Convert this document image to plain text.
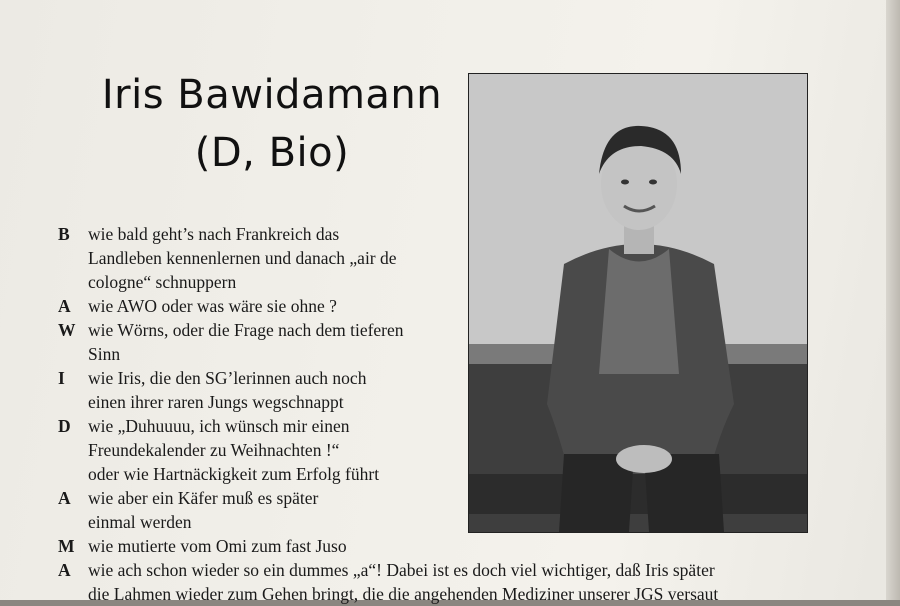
Iris Bawidamann
(D, Bio)
B	wie bald geht’s nach Frankreich das
Landleben kennenlernen und danach „air de
cologne“ schnuppern
A wie AWO oder was wäre sie ohne ?
W wie Wörns, oder die Frage nach dem tieferen
Sinn
I	wie Iris, die den SG’lerinnen auch noch
einen ihrer raren Jungs wegschnappt
D wie „Duhuuuu, ich wünsch mir einen
Freundekalender zu Weihnachten !“
oder wie Hartnäckigkeit zum Erfolg führt
A wie aber ein Käfer muß es später
einmal werden
M wie mutierte vom Omi zum fast Juso
A wie ach schon wieder so ein dummes „a“! Dabei ist es doch viel wichtiger, daß Iris später
die Lahmen wieder zum Gehen bringt, die die angehenden Mediziner unserer JGS versaut
